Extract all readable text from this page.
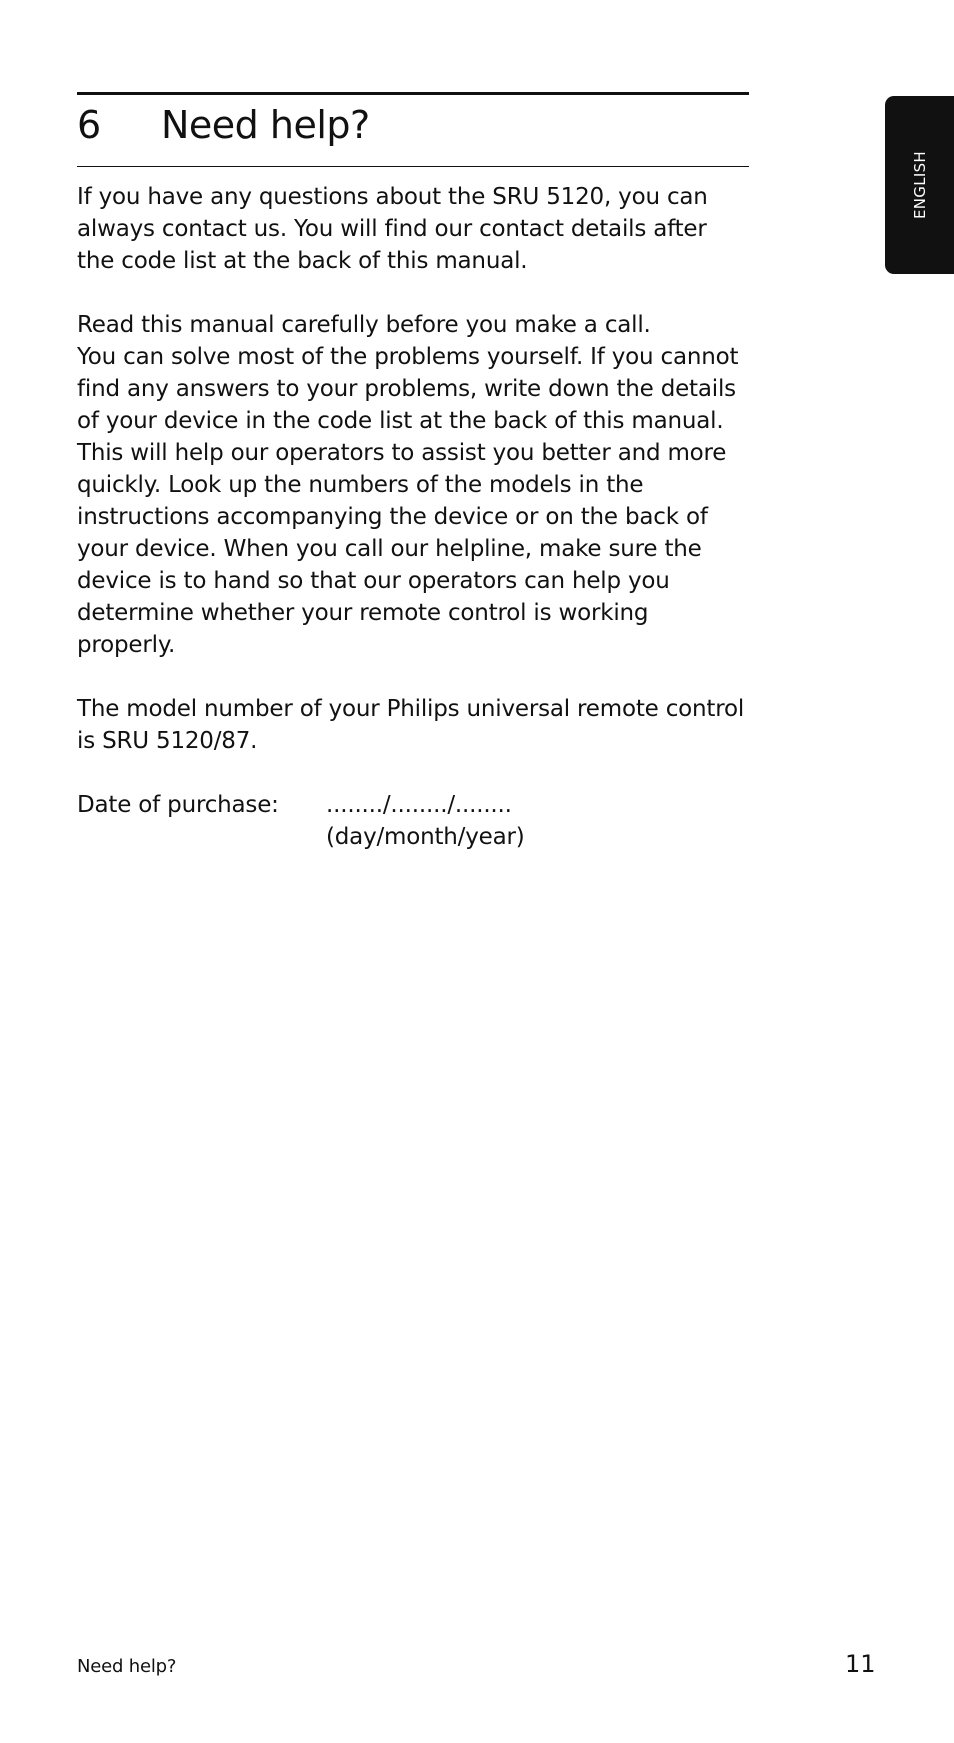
ENGLISH
6	Need help?

If you have any questions about the SRU 5120, you can always contact us. You will find our contact details after the code list at the back of this manual.

Read this manual carefully before you make a call.
You can solve most of the problems yourself. If you cannot find any answers to your problems, write down the details of your device in the code list at the back of this manual.
This will help our operators to assist you better and more quickly. Look up the numbers of the models in the instructions accompanying the device or on the back of your device. When you call our helpline, make sure the device is to hand so that our operators can help you determine whether your remote control is working properly.

The model number of your Philips universal remote control is SRU 5120/87.

Date of purchase:	......../......../........
(day/month/year)
Need help?	11
